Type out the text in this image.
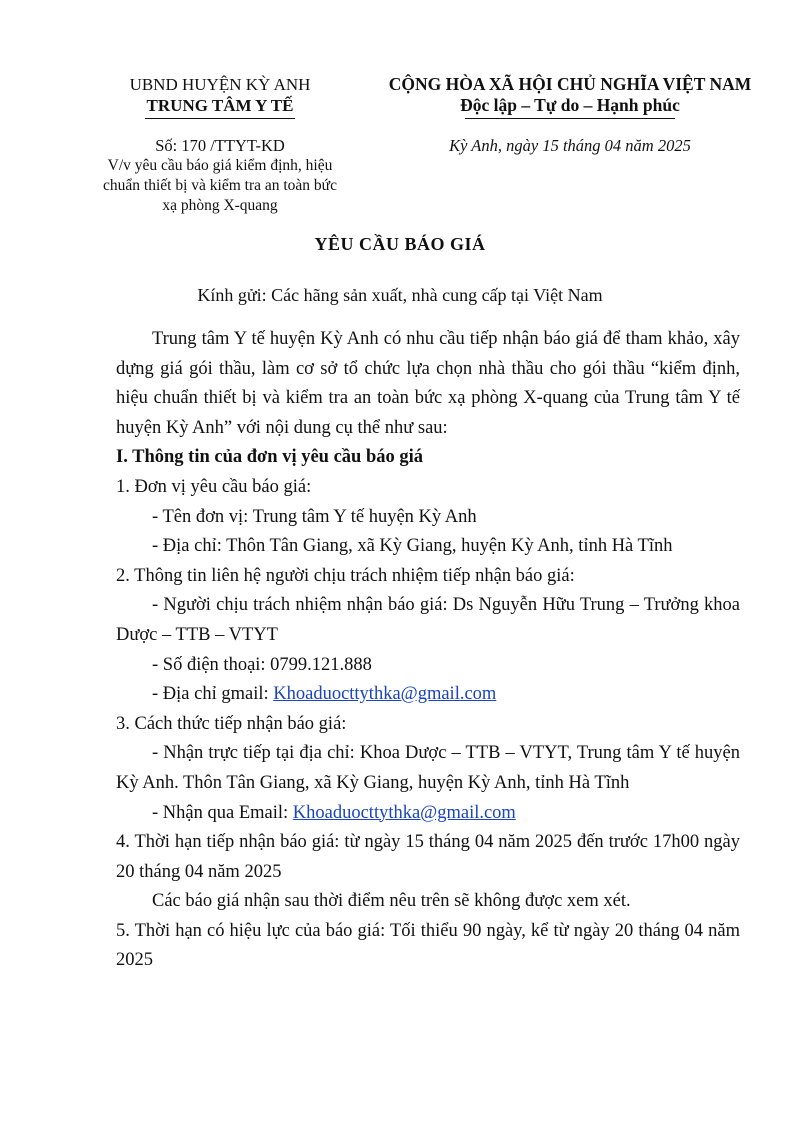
UBND HUYỆN KỲ ANH
TRUNG TÂM Y TẾ
CỘNG HÒA XÃ HỘI CHỦ NGHĨA VIỆT NAM
Độc lập – Tự do – Hạnh phúc
Số: 170 /TTYT-KD
V/v yêu cầu báo giá kiểm định, hiệu
chuẩn thiết bị và kiểm tra an toàn bức
xạ phòng X-quang
Kỳ Anh, ngày 15 tháng 04 năm 2025
YÊU CẦU BÁO GIÁ
Kính gửi: Các hãng sản xuất, nhà cung cấp tại Việt Nam

Trung tâm Y tế huyện Kỳ Anh có nhu cầu tiếp nhận báo giá để tham khảo, xây dựng giá gói thầu, làm cơ sở tổ chức lựa chọn nhà thầu cho gói thầu “kiểm định, hiệu chuẩn thiết bị và kiểm tra an toàn bức xạ phòng X-quang của Trung tâm Y tế huyện Kỳ Anh” với nội dung cụ thể như sau:

I. Thông tin của đơn vị yêu cầu báo giá

1. Đơn vị yêu cầu báo giá:

- Tên đơn vị: Trung tâm Y tế huyện Kỳ Anh

- Địa chỉ: Thôn Tân Giang, xã Kỳ Giang, huyện Kỳ Anh, tỉnh Hà Tĩnh

2. Thông tin liên hệ người chịu trách nhiệm tiếp nhận báo giá:

- Người chịu trách nhiệm nhận báo giá: Ds Nguyễn Hữu Trung – Trưởng khoa Dược – TTB – VTYT

- Số điện thoại: 0799.121.888

- Địa chỉ gmail: Khoaduocttythka@gmail.com

3. Cách thức tiếp nhận báo giá:

- Nhận trực tiếp tại địa chỉ: Khoa Dược – TTB – VTYT, Trung tâm Y tế huyện Kỳ Anh. Thôn Tân Giang, xã Kỳ Giang, huyện Kỳ Anh, tỉnh Hà Tĩnh

- Nhận qua Email: Khoaduocttythka@gmail.com

4. Thời hạn tiếp nhận báo giá: từ ngày 15 tháng 04 năm 2025 đến trước 17h00 ngày 20 tháng 04 năm 2025

Các báo giá nhận sau thời điểm nêu trên sẽ không được xem xét.

5. Thời hạn có hiệu lực của báo giá: Tối thiểu 90 ngày, kể từ ngày 20 tháng 04 năm 2025
